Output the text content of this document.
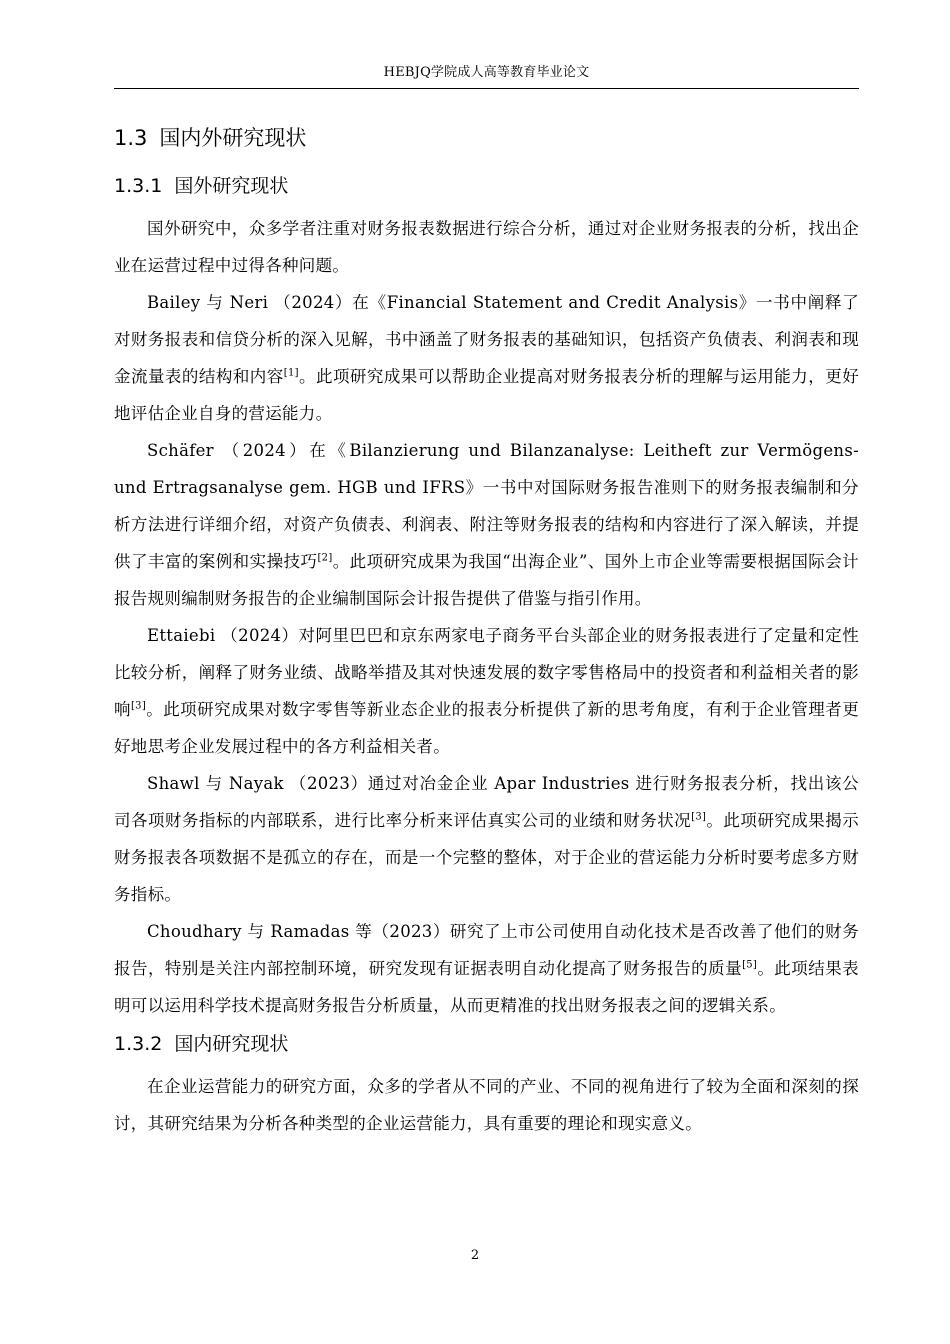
HEBJQ学院成人高等教育毕业论文
1.3 国内外研究现状
1.3.1 国外研究现状

国外研究中，众多学者注重对财务报表数据进行综合分析，通过对企业财务报表的分析，找出企业在运营过程中过得各种问题。

Bailey 与 Neri （2024）在《Financial Statement and Credit Analysis》一书中阐释了对财务报表和信贷分析的深入见解，书中涵盖了财务报表的基础知识，包括资产负债表、利润表和现金流量表的结构和内容[1]。此项研究成果可以帮助企业提高对财务报表分析的理解与运用能力，更好地评估企业自身的营运能力。

Schäfer （2024）在《Bilanzierung und Bilanzanalyse: Leitheft zur Vermögens- und Ertragsanalyse gem. HGB und IFRS》一书中对国际财务报告准则下的财务报表编制和分析方法进行详细介绍，对资产负债表、利润表、附注等财务报表的结构和内容进行了深入解读，并提供了丰富的案例和实操技巧[2]。此项研究成果为我国“出海企业”、国外上市企业等需要根据国际会计报告规则编制财务报告的企业编制国际会计报告提供了借鉴与指引作用。

Ettaiebi （2024）对阿里巴巴和京东两家电子商务平台头部企业的财务报表进行了定量和定性比较分析，阐释了财务业绩、战略举措及其对快速发展的数字零售格局中的投资者和利益相关者的影响[3]。此项研究成果对数字零售等新业态企业的报表分析提供了新的思考角度，有利于企业管理者更好地思考企业发展过程中的各方利益相关者。

Shawl 与 Nayak （2023）通过对冶金企业 Apar Industries 进行财务报表分析，找出该公司各项财务指标的内部联系，进行比率分析来评估真实公司的业绩和财务状况[3]。此项研究成果揭示财务报表各项数据不是孤立的存在，而是一个完整的整体，对于企业的营运能力分析时要考虑多方财务指标。

Choudhary 与 Ramadas 等（2023）研究了上市公司使用自动化技术是否改善了他们的财务报告，特别是关注内部控制环境，研究发现有证据表明自动化提高了财务报告的质量[5]。此项结果表明可以运用科学技术提高财务报告分析质量，从而更精准的找出财务报表之间的逻辑关系。

1.3.2 国内研究现状

在企业运营能力的研究方面，众多的学者从不同的产业、不同的视角进行了较为全面和深刻的探讨，其研究结果为分析各种类型的企业运营能力，具有重要的理论和现实意义。

2
